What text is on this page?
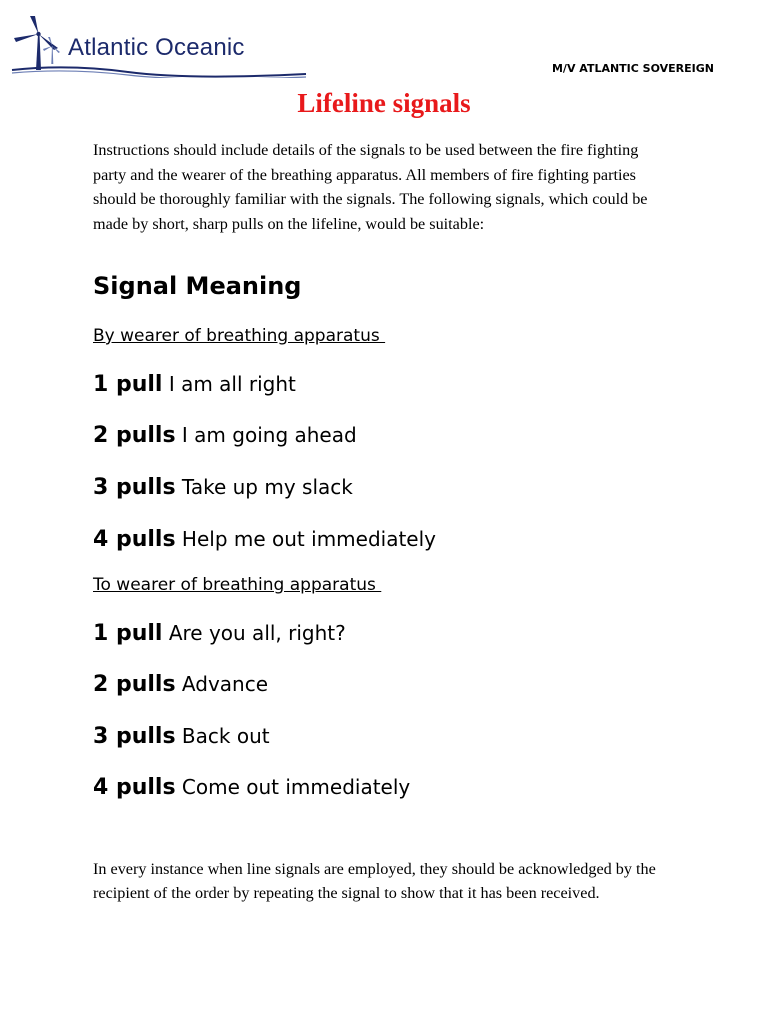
Atlantic Oceanic
M/V ATLANTIC SOVEREIGN
Lifeline signals

Instructions should include details of the signals to be used between the fire fighting party and the wearer of the breathing apparatus. All members of fire fighting parties should be thoroughly familiar with the signals. The following signals, which could be made by short, sharp pulls on the lifeline, would be suitable:

Signal Meaning
By wearer of breathing apparatus
1 pull I am all right
2 pulls I am going ahead
3 pulls Take up my slack
4 pulls Help me out immediately
To wearer of breathing apparatus
1 pull Are you all, right?
2 pulls Advance
3 pulls Back out
4 pulls Come out immediately

In every instance when line signals are employed, they should be acknowledged by the recipient of the order by repeating the signal to show that it has been received.
